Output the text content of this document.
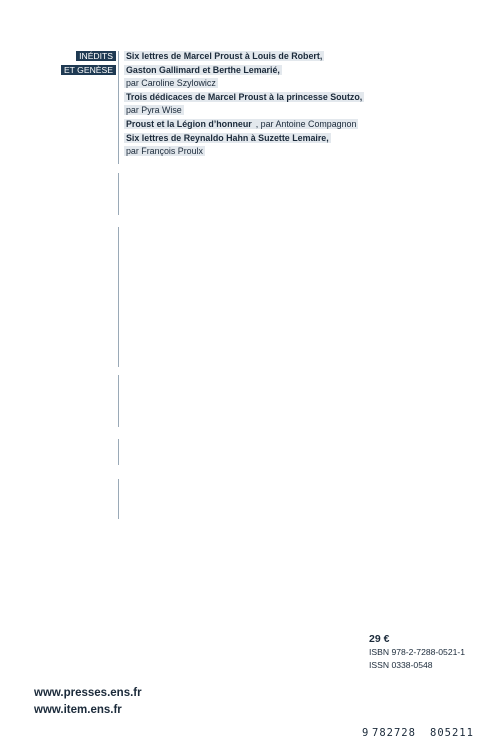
INÉDITS
ET GENÈSE
Six lettres de Marcel Proust à Louis de Robert,
Gaston Gallimard et Berthe Lemarié,
par Caroline Szylowicz
Trois dédicaces de Marcel Proust à la princesse Soutzo,
par Pyra Wise
Proust et la Légion d’honneur , par Antoine Compagnon
Six lettres de Reynaldo Hahn à Suzette Lemaire,
par François Proulx
www.presses.ens.fr
www.item.ens.fr
29 €
ISBN 978-2-7288-0521-1
ISSN 0338-0548
9 782728 805211
